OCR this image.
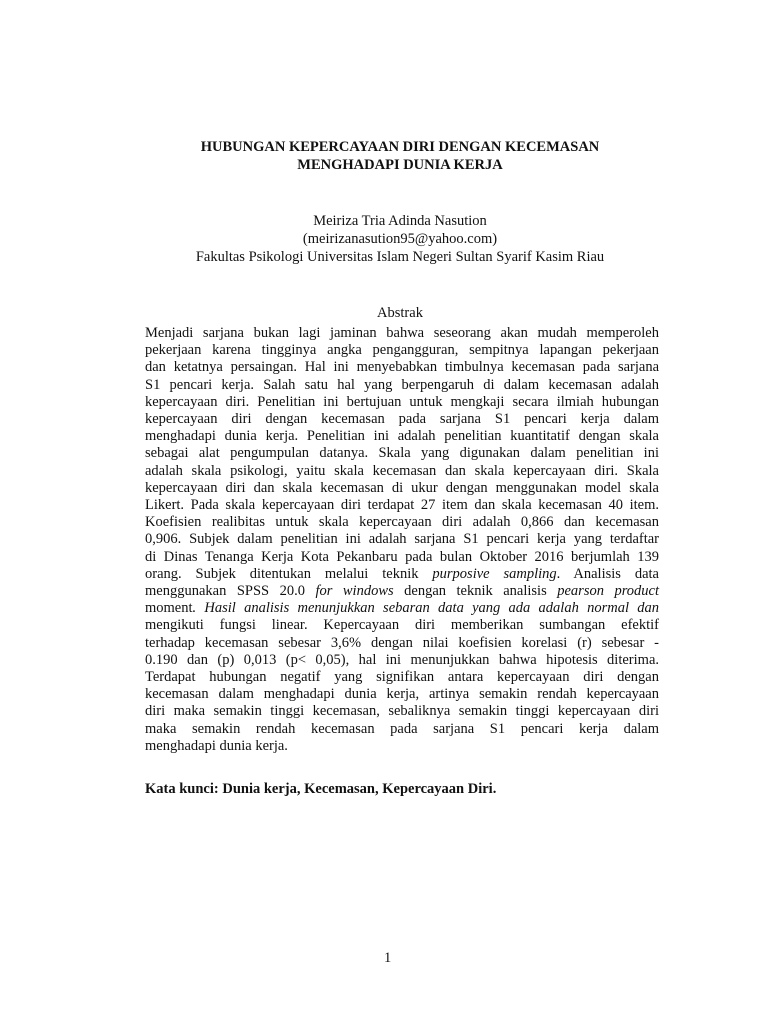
HUBUNGAN KEPERCAYAAN DIRI DENGAN KECEMASAN
MENGHADAPI DUNIA KERJA
Meiriza Tria Adinda Nasution
(meirizanasution95@yahoo.com)
Fakultas Psikologi Universitas Islam Negeri Sultan Syarif Kasim Riau
Abstrak
Menjadi sarjana bukan lagi jaminan bahwa seseorang akan mudah memperoleh
pekerjaan karena tingginya angka pengangguran, sempitnya lapangan pekerjaan
dan ketatnya persaingan. Hal ini menyebabkan timbulnya kecemasan pada sarjana
S1 pencari kerja. Salah satu hal yang berpengaruh di dalam kecemasan adalah
kepercayaan diri. Penelitian ini bertujuan untuk mengkaji secara ilmiah hubungan
kepercayaan diri dengan kecemasan pada sarjana S1 pencari kerja dalam
menghadapi dunia kerja. Penelitian ini adalah penelitian kuantitatif dengan skala
sebagai alat pengumpulan datanya. Skala yang digunakan dalam penelitian ini
adalah skala psikologi, yaitu skala kecemasan dan skala kepercayaan diri. Skala
kepercayaan diri dan skala kecemasan di ukur dengan menggunakan model skala
Likert. Pada skala kepercayaan diri terdapat 27 item dan skala kecemasan 40 item.
Koefisien realibitas untuk skala kepercayaan diri adalah 0,866 dan kecemasan
0,906. Subjek dalam penelitian ini adalah sarjana S1 pencari kerja yang terdaftar
di Dinas Tenanga Kerja Kota Pekanbaru pada bulan Oktober 2016 berjumlah 139
orang. Subjek ditentukan melalui teknik purposive sampling. Analisis data
menggunakan SPSS 20.0 for windows dengan teknik analisis pearson product
moment. Hasil analisis menunjukkan sebaran data yang ada adalah normal dan
mengikuti fungsi linear. Kepercayaan diri memberikan sumbangan efektif
terhadap kecemasan sebesar 3,6% dengan nilai koefisien korelasi (r) sebesar -
0.190 dan (p) 0,013 (p< 0,05), hal ini menunjukkan bahwa hipotesis diterima.
Terdapat hubungan negatif yang signifikan antara kepercayaan diri dengan
kecemasan dalam menghadapi dunia kerja, artinya semakin rendah kepercayaan
diri maka semakin tinggi kecemasan, sebaliknya semakin tinggi kepercayaan diri
maka semakin rendah kecemasan pada sarjana S1 pencari kerja dalam
menghadapi dunia kerja.
Kata kunci: Dunia kerja, Kecemasan, Kepercayaan Diri.
1
